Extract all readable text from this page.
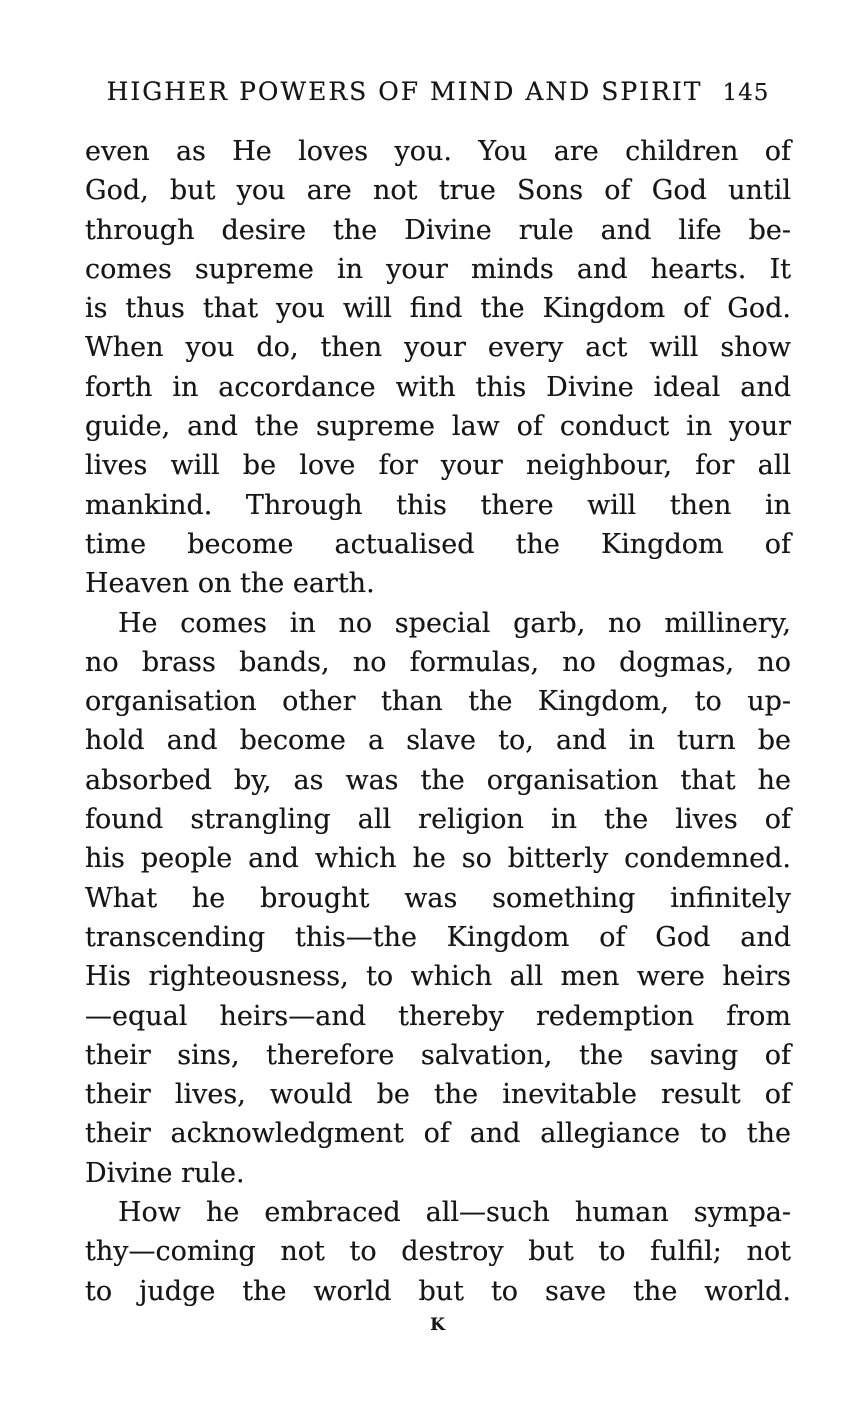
HIGHER POWERS OF MIND AND SPIRIT 145
even as He loves you. You are children of
God, but you are not true Sons of God until
through desire the Divine rule and life be-
comes supreme in your minds and hearts. It
is thus that you will find the Kingdom of God.
When you do, then your every act will show
forth in accordance with this Divine ideal and
guide, and the supreme law of conduct in your
lives will be love for your neighbour, for all
mankind. Through this there will then in
time become actualised the Kingdom of
Heaven on the earth.
He comes in no special garb, no millinery,
no brass bands, no formulas, no dogmas, no
organisation other than the Kingdom, to up-
hold and become a slave to, and in turn be
absorbed by, as was the organisation that he
found strangling all religion in the lives of
his people and which he so bitterly condemned.
What he brought was something infinitely
transcending this—the Kingdom of God and
His righteousness, to which all men were heirs
—equal heirs—and thereby redemption from
their sins, therefore salvation, the saving of
their lives, would be the inevitable result of
their acknowledgment of and allegiance to the
Divine rule.
How he embraced all—such human sympa-
thy—coming not to destroy but to fulfil; not
to judge the world but to save the world.
K
